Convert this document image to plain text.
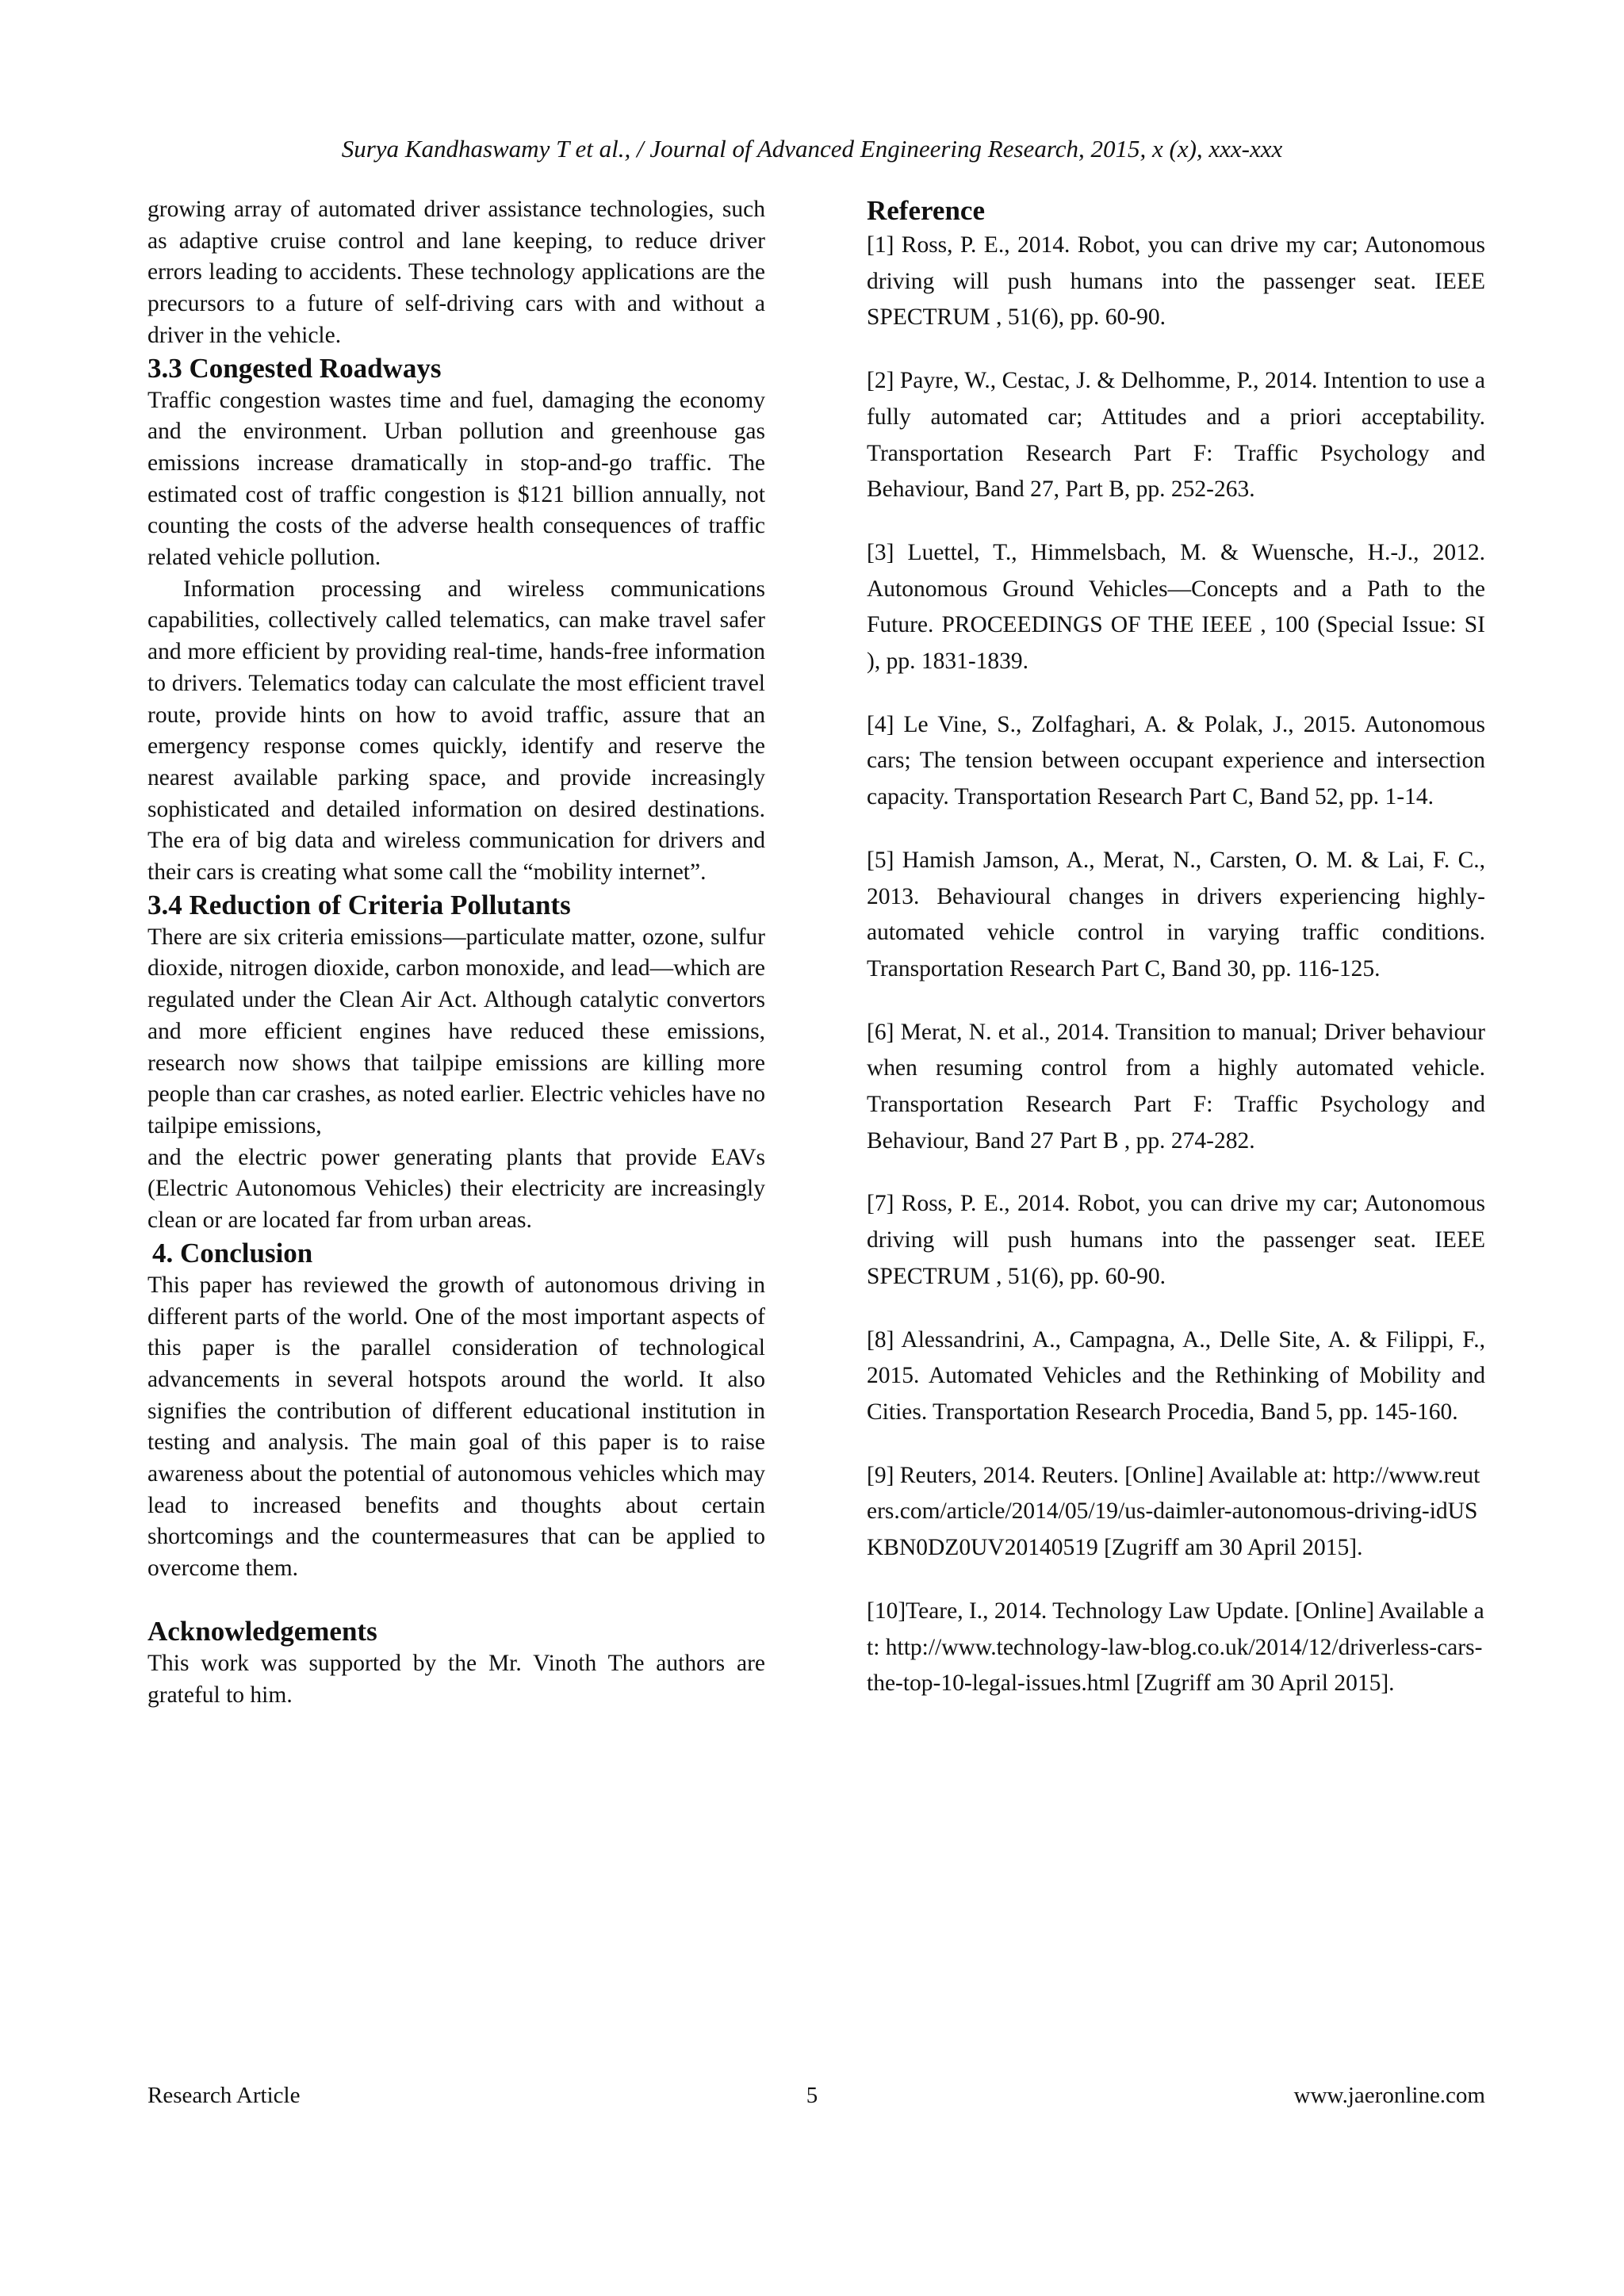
Surya Kandhaswamy T et al., / Journal of Advanced Engineering Research, 2015, x (x), xxx-xxx

growing array of automated driver assistance technologies, such as adaptive cruise control and lane keeping, to reduce driver errors leading to accidents. These technology applications are the precursors to a future of self-driving cars with and without a driver in the vehicle.

3.3 Congested Roadways

Traffic congestion wastes time and fuel, damaging the economy and the environment. Urban pollution and greenhouse gas emissions increase dramatically in stop-and-go traffic. The estimated cost of traffic congestion is $121 billion annually, not counting the costs of the adverse health consequences of traffic related vehicle pollution.

Information processing and wireless communications capabilities, collectively called telematics, can make travel safer and more efficient by providing real-time, hands-free information to drivers. Telematics today can calculate the most efficient travel route, provide hints on how to avoid traffic, assure that an emergency response comes quickly, identify and reserve the nearest available parking space, and provide increasingly sophisticated and detailed information on desired destinations. The era of big data and wireless communication for drivers and their cars is creating what some call the “mobility internet”.

3.4 Reduction of Criteria Pollutants

There are six criteria emissions—particulate matter, ozone, sulfur dioxide, nitrogen dioxide, carbon monoxide, and lead—which are regulated under the Clean Air Act. Although catalytic convertors and more efficient engines have reduced these emissions, research now shows that tailpipe emissions are killing more people than car crashes, as noted earlier. Electric vehicles have no tailpipe emissions,

and the electric power generating plants that provide EAVs (Electric Autonomous Vehicles) their electricity are increasingly clean or are located far from urban areas.

4. Conclusion

This paper has reviewed the growth of autonomous driving in different parts of the world. One of the most important aspects of this paper is the parallel consideration of technological advancements in several hotspots around the world. It also signifies the contribution of different educational institution in testing and analysis. The main goal of this paper is to raise awareness about the potential of autonomous vehicles which may lead to increased benefits and thoughts about certain shortcomings and the countermeasures that can be applied to overcome them.

Acknowledgements

This work was supported by the Mr. Vinoth The authors are grateful to him.

Reference

[1] Ross, P. E., 2014. Robot, you can drive my car; Autonomous driving will push humans into the passenger seat. IEEE SPECTRUM , 51(6), pp. 60-90.

[2] Payre, W., Cestac, J. & Delhomme, P., 2014. Intention to use a fully automated car; Attitudes and a priori acceptability. Transportation Research Part F: Traffic Psychology and Behaviour, Band 27, Part B, pp. 252-263.

[3] Luettel, T., Himmelsbach, M. & Wuensche, H.-J., 2012. Autonomous Ground Vehicles—Concepts and a Path to the Future. PROCEEDINGS OF THE IEEE , 100 (Special Issue: SI ), pp. 1831-1839.

[4] Le Vine, S., Zolfaghari, A. & Polak, J., 2015. Autonomous cars; The tension between occupant experience and intersection capacity. Transportation Research Part C, Band 52, pp. 1-14.

[5] Hamish Jamson, A., Merat, N., Carsten, O. M. & Lai, F. C., 2013. Behavioural changes in drivers experiencing highly-automated vehicle control in varying traffic conditions. Transportation Research Part C, Band 30, pp. 116-125.

[6] Merat, N. et al., 2014. Transition to manual; Driver behaviour when resuming control from a highly automated vehicle. Transportation Research Part F: Traffic Psychology and Behaviour, Band 27 Part B , pp. 274-282.

[7] Ross, P. E., 2014. Robot, you can drive my car; Autonomous driving will push humans into the passenger seat. IEEE SPECTRUM , 51(6), pp. 60-90.

[8] Alessandrini, A., Campagna, A., Delle Site, A. & Filippi, F., 2015. Automated Vehicles and the Rethinking of Mobility and Cities. Transportation Research Procedia, Band 5, pp. 145-160.

[9] Reuters, 2014. Reuters. [Online] Available at: http://www.reuters.com/article/2014/05/19/us-daimler-autonomous-driving-idUSKBN0DZ0UV20140519 [Zugriff am 30 April 2015].

[10]Teare, I., 2014. Technology Law Update. [Online] Available at: http://www.technology-law-blog.co.uk/2014/12/driverless-cars-the-top-10-legal-issues.html [Zugriff am 30 April 2015].

Research Article	5	www.jaeronline.com
